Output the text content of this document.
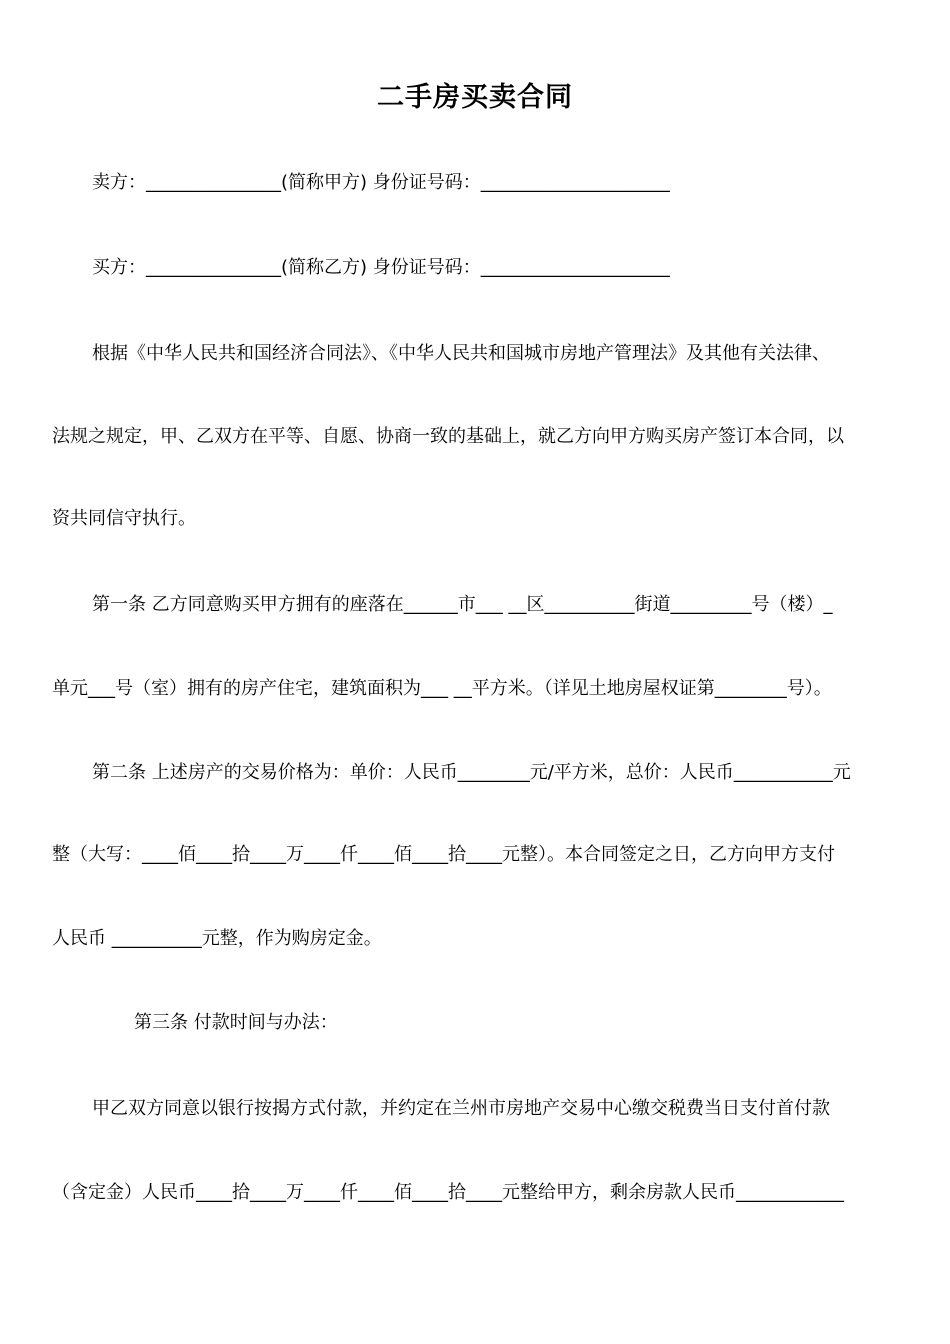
二手房买卖合同
卖方：_______________(简称甲方) 身份证号码：_____________________
买方：_______________(简称乙方) 身份证号码：_____________________
根据《中华人民共和国经济合同法》、《中华人民共和国城市房地产管理法》及其他有关法律、
法规之规定，甲、乙双方在平等、自愿、协商一致的基础上，就乙方向甲方购买房产签订本合同，以
资共同信守执行。
第一条 乙方同意购买甲方拥有的座落在______市___ __区__________街道_________号（楼）_
单元___号（室）拥有的房产住宅，建筑面积为___ __平方米。（详见土地房屋权证第________号）。
第二条 上述房产的交易价格为：单价：人民币________元/平方米，总价：人民币___________元
整（大写：____佰____拾____万____仟____佰____拾____元整）。本合同签定之日，乙方向甲方支付
人民币 __________元整，作为购房定金。
第三条 付款时间与办法：
甲乙双方同意以银行按揭方式付款，并约定在兰州市房地产交易中心缴交税费当日支付首付款
（含定金）人民币____拾____万____仟____佰____拾____元整给甲方，剩余房款人民币____________
